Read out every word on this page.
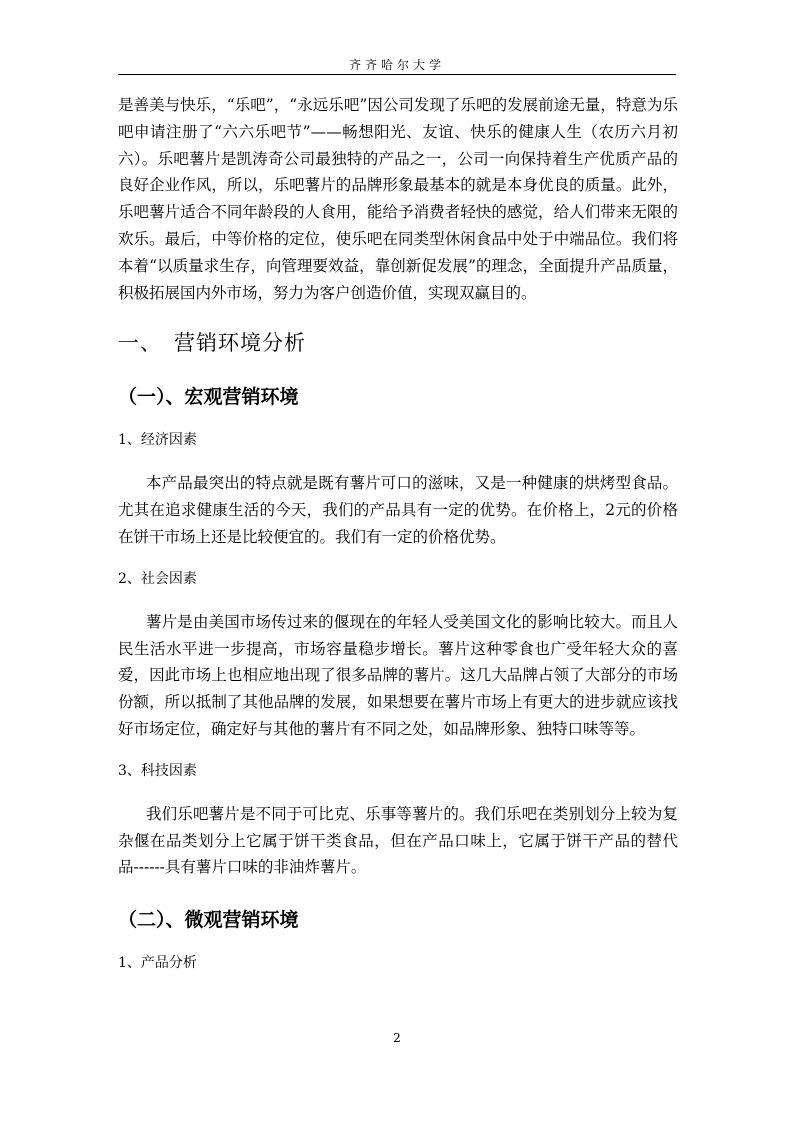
齐齐哈尔大学

是善美与快乐，“乐吧”，“永远乐吧”因公司发现了乐吧的发展前途无量，特意为乐吧申请注册了“六六乐吧节”——畅想阳光、友谊、快乐的健康人生（农历六月初六）。乐吧薯片是凯涛奇公司最独特的产品之一，公司一向保持着生产优质产品的良好企业作风，所以，乐吧薯片的品牌形象最基本的就是本身优良的质量。此外，乐吧薯片适合不同年龄段的人食用，能给予消费者轻快的感觉，给人们带来无限的欢乐。最后，中等价格的定位，使乐吧在同类型休闲食品中处于中端品位。我们将本着“以质量求生存，向管理要效益，靠创新促发展”的理念，全面提升产品质量，积极拓展国内外市场，努力为客户创造价值，实现双赢目的。

一、 营销环境分析
（一）、宏观营销环境
1、经济因素

本产品最突出的特点就是既有薯片可口的滋味，又是一种健康的烘烤型食品。尤其在追求健康生活的今天，我们的产品具有一定的优势。在价格上，2元的价格在饼干市场上还是比较便宜的。我们有一定的价格优势。

2、社会因素

薯片是由美国市场传过来的偃现在的年轻人受美国文化的影响比较大。而且人民生活水平进一步提高，市场容量稳步增长。薯片这种零食也广受年轻大众的喜爱，因此市场上也相应地出现了很多品牌的薯片。这几大品牌占领了大部分的市场份额，所以抵制了其他品牌的发展，如果想要在薯片市场上有更大的进步就应该找好市场定位，确定好与其他的薯片有不同之处，如品牌形象、独特口味等等。

3、科技因素

我们乐吧薯片是不同于可比克、乐事等薯片的。我们乐吧在类别划分上较为复杂偃在品类划分上它属于饼干类食品，但在产品口味上，它属于饼干产品的替代品------具有薯片口味的非油炸薯片。

（二）、微观营销环境
1、产品分析
2
